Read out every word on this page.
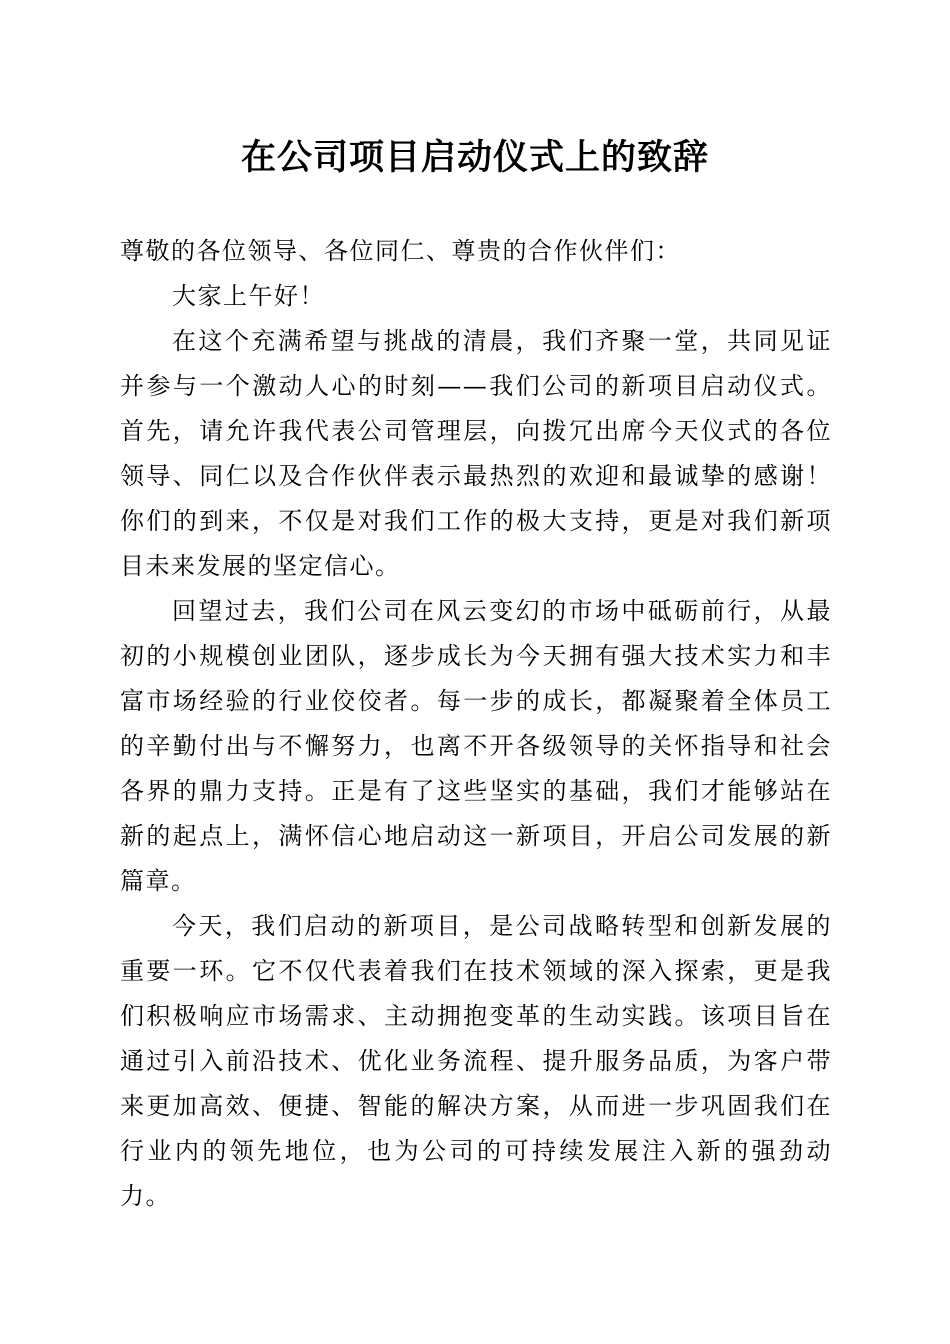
在公司项目启动仪式上的致辞

尊敬的各位领导、各位同仁、尊贵的合作伙伴们：

大家上午好！

在这个充满希望与挑战的清晨，我们齐聚一堂，共同见证并参与一个激动人心的时刻——我们公司的新项目启动仪式。首先，请允许我代表公司管理层，向拨冗出席今天仪式的各位领导、同仁以及合作伙伴表示最热烈的欢迎和最诚挚的感谢！你们的到来，不仅是对我们工作的极大支持，更是对我们新项目未来发展的坚定信心。

回望过去，我们公司在风云变幻的市场中砥砺前行，从最初的小规模创业团队，逐步成长为今天拥有强大技术实力和丰富市场经验的行业佼佼者。每一步的成长，都凝聚着全体员工的辛勤付出与不懈努力，也离不开各级领导的关怀指导和社会各界的鼎力支持。正是有了这些坚实的基础，我们才能够站在新的起点上，满怀信心地启动这一新项目，开启公司发展的新篇章。

今天，我们启动的新项目，是公司战略转型和创新发展的重要一环。它不仅代表着我们在技术领域的深入探索，更是我们积极响应市场需求、主动拥抱变革的生动实践。该项目旨在通过引入前沿技术、优化业务流程、提升服务品质，为客户带来更加高效、便捷、智能的解决方案，从而进一步巩固我们在行业内的领先地位，也为公司的可持续发展注入新的强劲动力。
